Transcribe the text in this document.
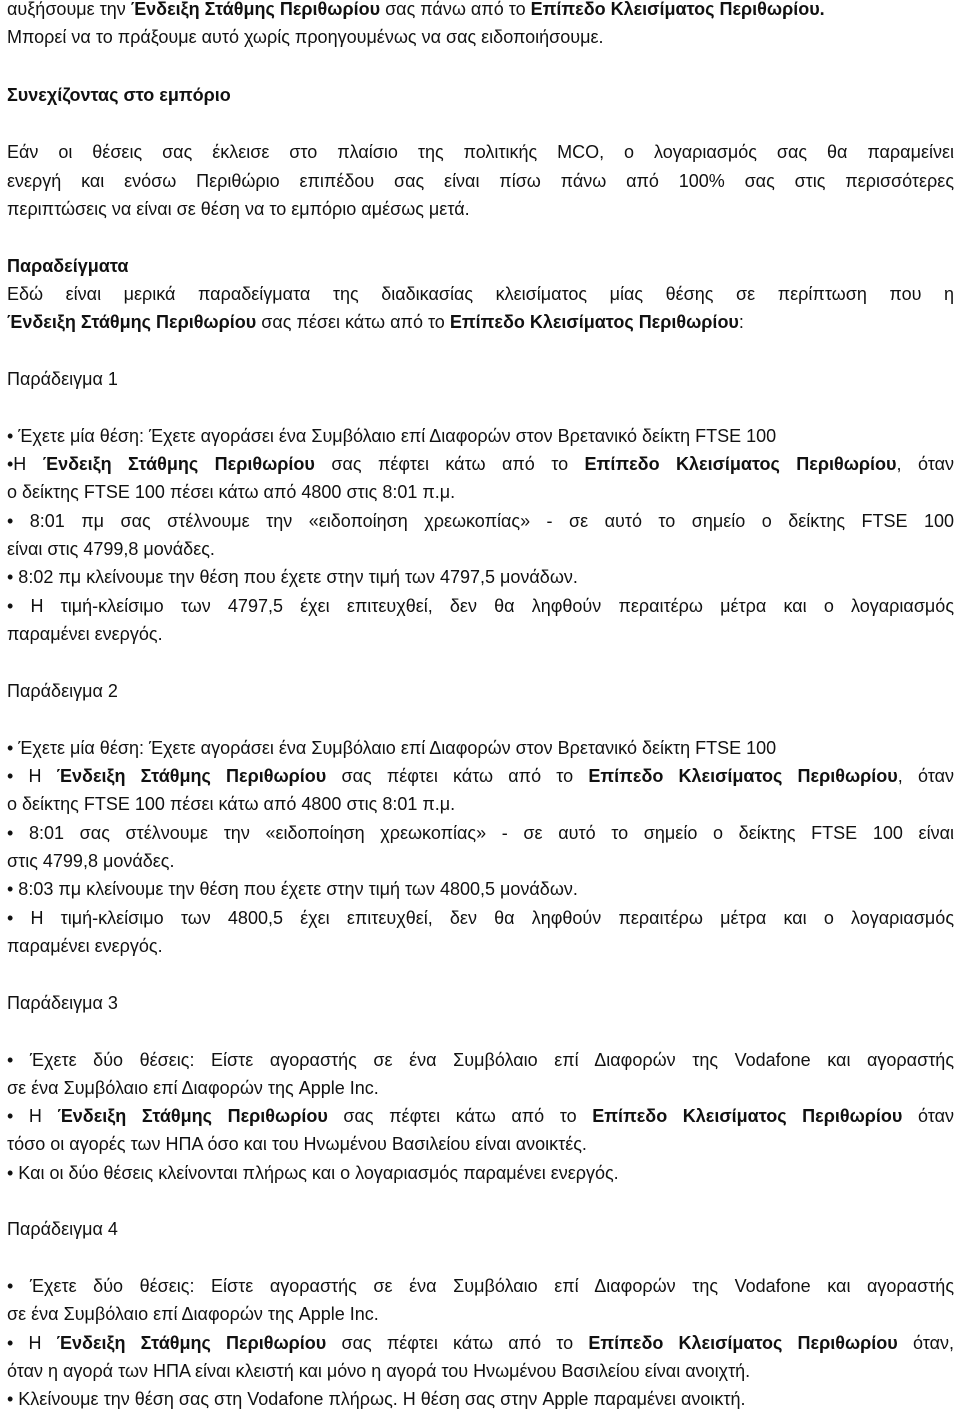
αυξήσουμε την Ένδειξη Στάθμης Περιθωρίου σας πάνω από το Επίπεδο Κλεισίματος Περιθωρίου.
Μπορεί να το πράξουμε αυτό χωρίς προηγουμένως να σας ειδοποιήσουμε.
Συνεχίζοντας στο εμπόριο
Εάν οι θέσεις σας έκλεισε στο πλαίσιο της πολιτικής MCO, ο λογαριασμός σας θα παραμείνει
ενεργή και ενόσω Περιθώριο επιπέδου σας είναι πίσω πάνω από 100% σας στις περισσότερες
περιπτώσεις να είναι σε θέση να το εμπόριο αμέσως μετά.
Παραδείγματα
Εδώ είναι μερικά παραδείγματα της διαδικασίας κλεισίματος μίας θέσης σε περίπτωση που η
Ένδειξη Στάθμης Περιθωρίου σας πέσει κάτω από το Επίπεδο Κλεισίματος Περιθωρίου:
Παράδειγμα 1
• Έχετε μία θέση: Έχετε αγοράσει ένα Συμβόλαιο επί Διαφορών στον Βρετανικό δείκτη FTSE 100
•Η Ένδειξη Στάθμης Περιθωρίου σας πέφτει κάτω από το Επίπεδο Κλεισίματος Περιθωρίου, όταν
ο δείκτης FTSE 100 πέσει κάτω από 4800 στις 8:01 π.μ.
• 8:01 πμ σας στέλνουμε την «ειδοποίηση χρεωκοπίας» - σε αυτό το σημείο ο δείκτης FTSE 100
είναι στις 4799,8 μονάδες.
• 8:02 πμ κλείνουμε την θέση που έχετε στην τιμή των 4797,5 μονάδων.
• Η τιμή-κλείσιμο των 4797,5 έχει επιτευχθεί, δεν θα ληφθούν περαιτέρω μέτρα και ο λογαριασμός
παραμένει ενεργός.
Παράδειγμα 2
• Έχετε μία θέση: Έχετε αγοράσει ένα Συμβόλαιο επί Διαφορών στον Βρετανικό δείκτη FTSE 100
• Η Ένδειξη Στάθμης Περιθωρίου σας πέφτει κάτω από το Επίπεδο Κλεισίματος Περιθωρίου, όταν
ο δείκτης FTSE 100 πέσει κάτω από 4800 στις 8:01 π.μ.
• 8:01 σας στέλνουμε την «ειδοποίηση χρεωκοπίας» - σε αυτό το σημείο ο δείκτης FTSE 100 είναι
στις 4799,8 μονάδες.
• 8:03 πμ κλείνουμε την θέση που έχετε στην τιμή των 4800,5 μονάδων.
• Η τιμή-κλείσιμο των 4800,5 έχει επιτευχθεί, δεν θα ληφθούν περαιτέρω μέτρα και ο λογαριασμός
παραμένει ενεργός.
Παράδειγμα 3
• Έχετε δύο θέσεις: Είστε αγοραστής σε ένα Συμβόλαιο επί Διαφορών της Vodafone και αγοραστής
σε ένα Συμβόλαιο επί Διαφορών της Apple Inc.
• Η Ένδειξη Στάθμης Περιθωρίου σας πέφτει κάτω από το Επίπεδο Κλεισίματος Περιθωρίου όταν
τόσο οι αγορές των ΗΠΑ όσο και του Ηνωμένου Βασιλείου είναι ανοικτές.
• Και οι δύο θέσεις κλείνονται πλήρως και ο λογαριασμός παραμένει ενεργός.
Παράδειγμα 4
• Έχετε δύο θέσεις: Είστε αγοραστής σε ένα Συμβόλαιο επί Διαφορών της Vodafone και αγοραστής
σε ένα Συμβόλαιο επί Διαφορών της Apple Inc.
• Η Ένδειξη Στάθμης Περιθωρίου σας πέφτει κάτω από το Επίπεδο Κλεισίματος Περιθωρίου όταν,
όταν η αγορά των ΗΠΑ είναι κλειστή και μόνο η αγορά του Ηνωμένου Βασιλείου είναι ανοιχτή.
• Κλείνουμε την θέση σας στη Vodafone πλήρως. Η θέση σας στην Apple παραμένει ανοικτή.
